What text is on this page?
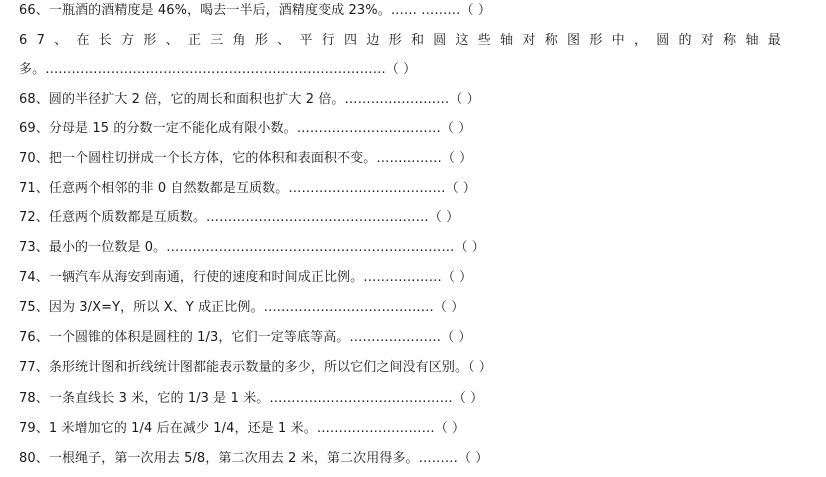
66、一瓶酒的酒精度是 46%，喝去一半后，酒精度变成 23%。…… ………（ ）
67、在长方形、正三角形、平行四边形和圆这些轴对称图形中，圆的对称轴最
多。……………………………………………………………………（ ）
68、圆的半径扩大 2 倍，它的周长和面积也扩大 2 倍。……………………（ ）
69、分母是 15 的分数一定不能化成有限小数。……………………………（ ）
70、把一个圆柱切拼成一个长方体，它的体积和表面积不变。……………（ ）
71、任意两个相邻的非 0 自然数都是互质数。………………………………（ ）
72、任意两个质数都是互质数。……………………………………………（ ）
73、最小的一位数是 0。…………………………………………………………（ ）
74、一辆汽车从海安到南通，行使的速度和时间成正比例。………………（ ）
75、因为 3/X=Y，所以 X、Y 成正比例。…………………………………（ ）
76、一个圆锥的体积是圆柱的 1/3，它们一定等底等高。…………………（ ）
77、条形统计图和折线统计图都能表示数量的多少，所以它们之间没有区别。（ ）
78、一条直线长 3 米，它的 1/3 是 1 米。……………………………………（ ）
79、1 米增加它的 1/4 后在减少 1/4，还是 1 米。………………………（ ）
80、一根绳子，第一次用去 5/8，第二次用去 2 米，第二次用得多。………（ ）
